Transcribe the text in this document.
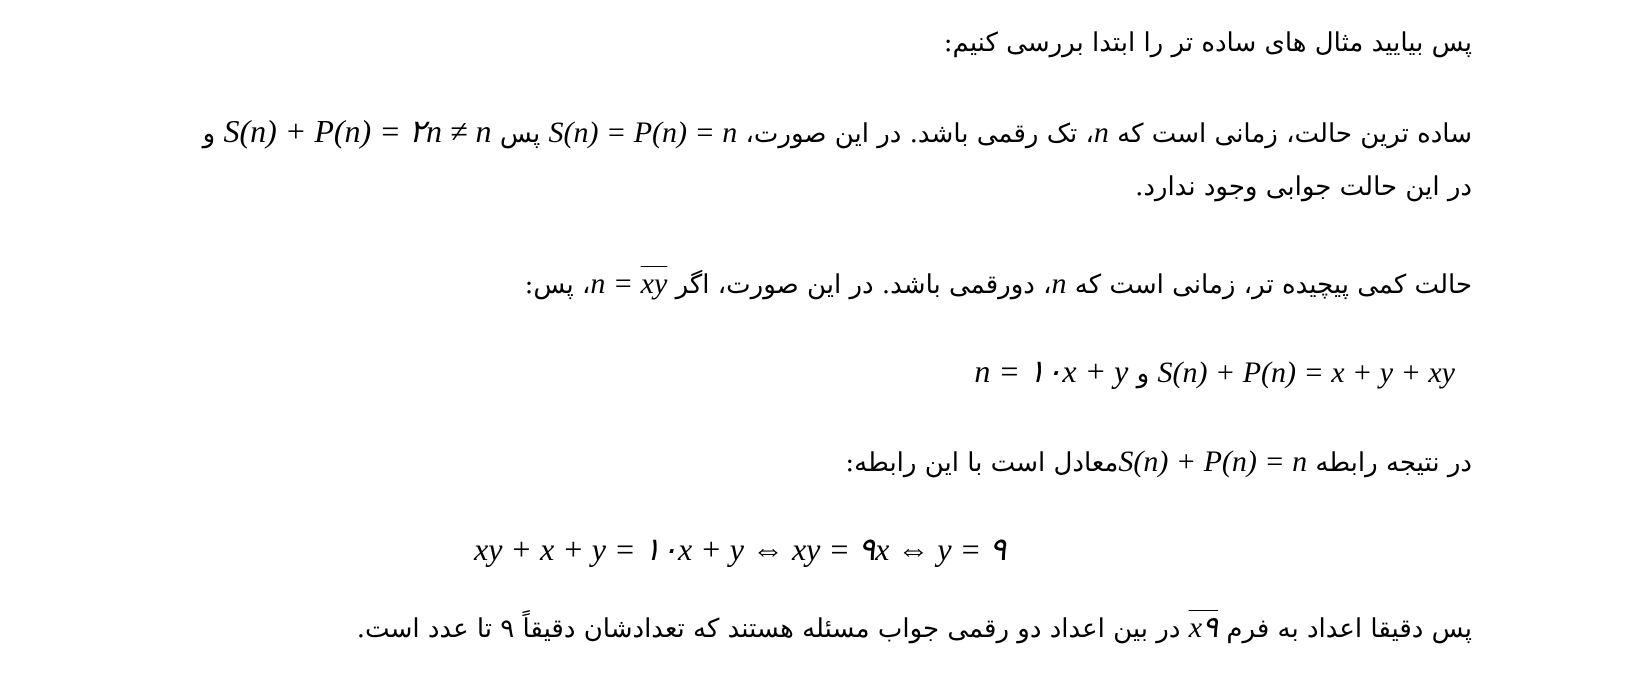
پس بیایید مثال های ساده تر را ابتدا بررسی کنیم:
ساده ترین حالت، زمانی است که n، تک رقمی باشد. در این صورت، S(n) = P(n) = n پس S(n) + P(n) = ۲n ≠ n و
در این حالت جوابی وجود ندارد.
حالت کمی پیچیده تر، زمانی است که n، دورقمی باشد. در این صورت، اگر $n = \overline{xy}،$ پس:
S(n) + P(n) = x + y + xy و n = ۱۰x + y
در نتیجه رابطه S(n) + P(n) = nمعادل است با این رابطه:
xy + x + y = ۱۰x + y ⇔ xy = ۹x ⇔ y = ۹
پس دقیقا اعداد به فرم x۹ در بین اعداد دو رقمی جواب مسئله هستند که تعدادشان دقیقاً ۹ تا عدد است.
